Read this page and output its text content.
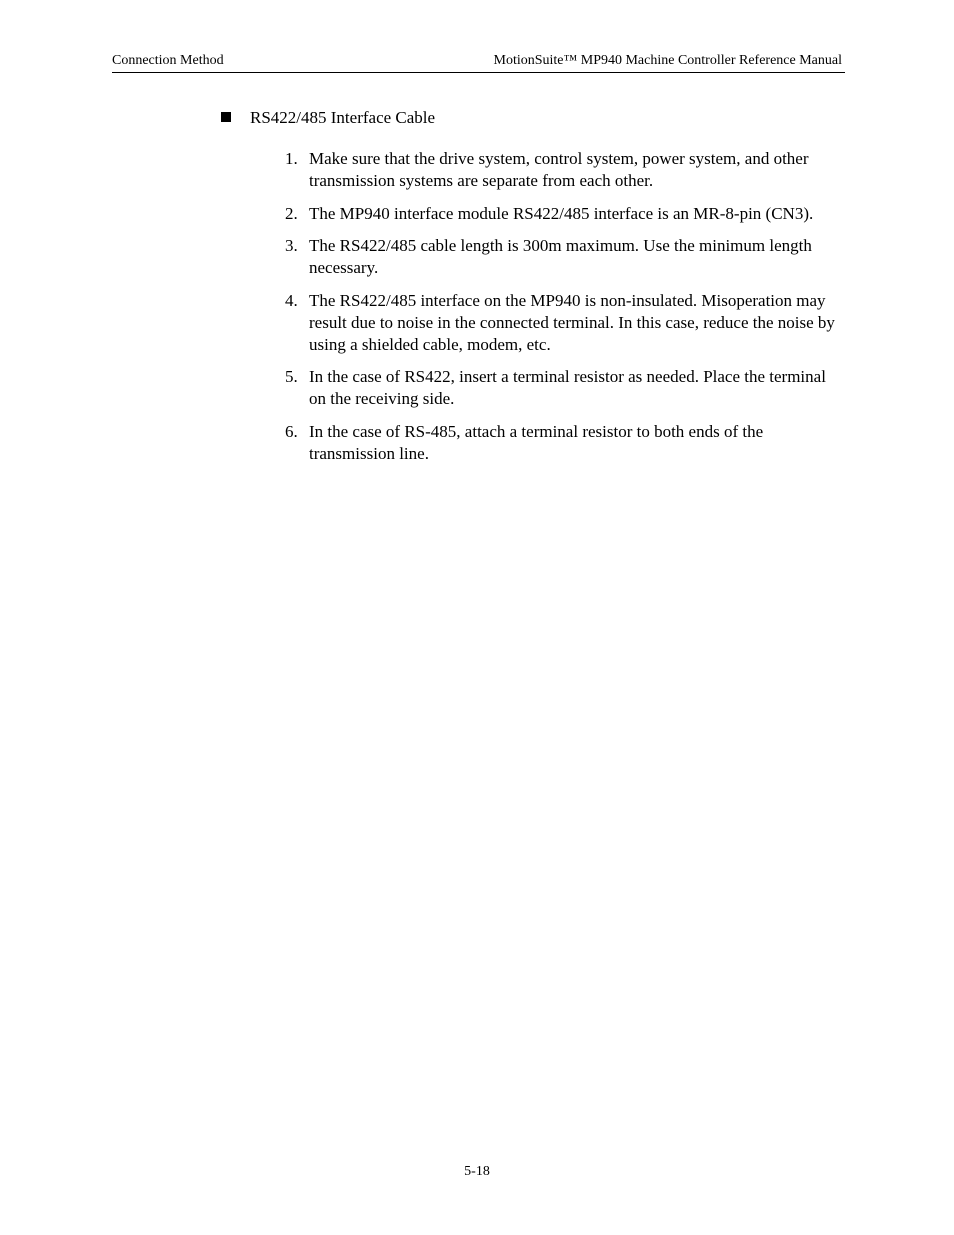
Connection Method	MotionSuite™ MP940 Machine Controller Reference Manual
RS422/485 Interface Cable
1. Make sure that the drive system, control system, power system, and other transmission systems are separate from each other.
2. The MP940 interface module RS422/485 interface is an MR-8-pin (CN3).
3. The RS422/485 cable length is 300m maximum. Use the minimum length necessary.
4. The RS422/485 interface on the MP940 is non-insulated. Misoperation may result due to noise in the connected terminal. In this case, reduce the noise by using a shielded cable, modem, etc.
5. In the case of RS422, insert a terminal resistor as needed. Place the terminal on the receiving side.
6. In the case of RS-485, attach a terminal resistor to both ends of the transmission line.
5-18
